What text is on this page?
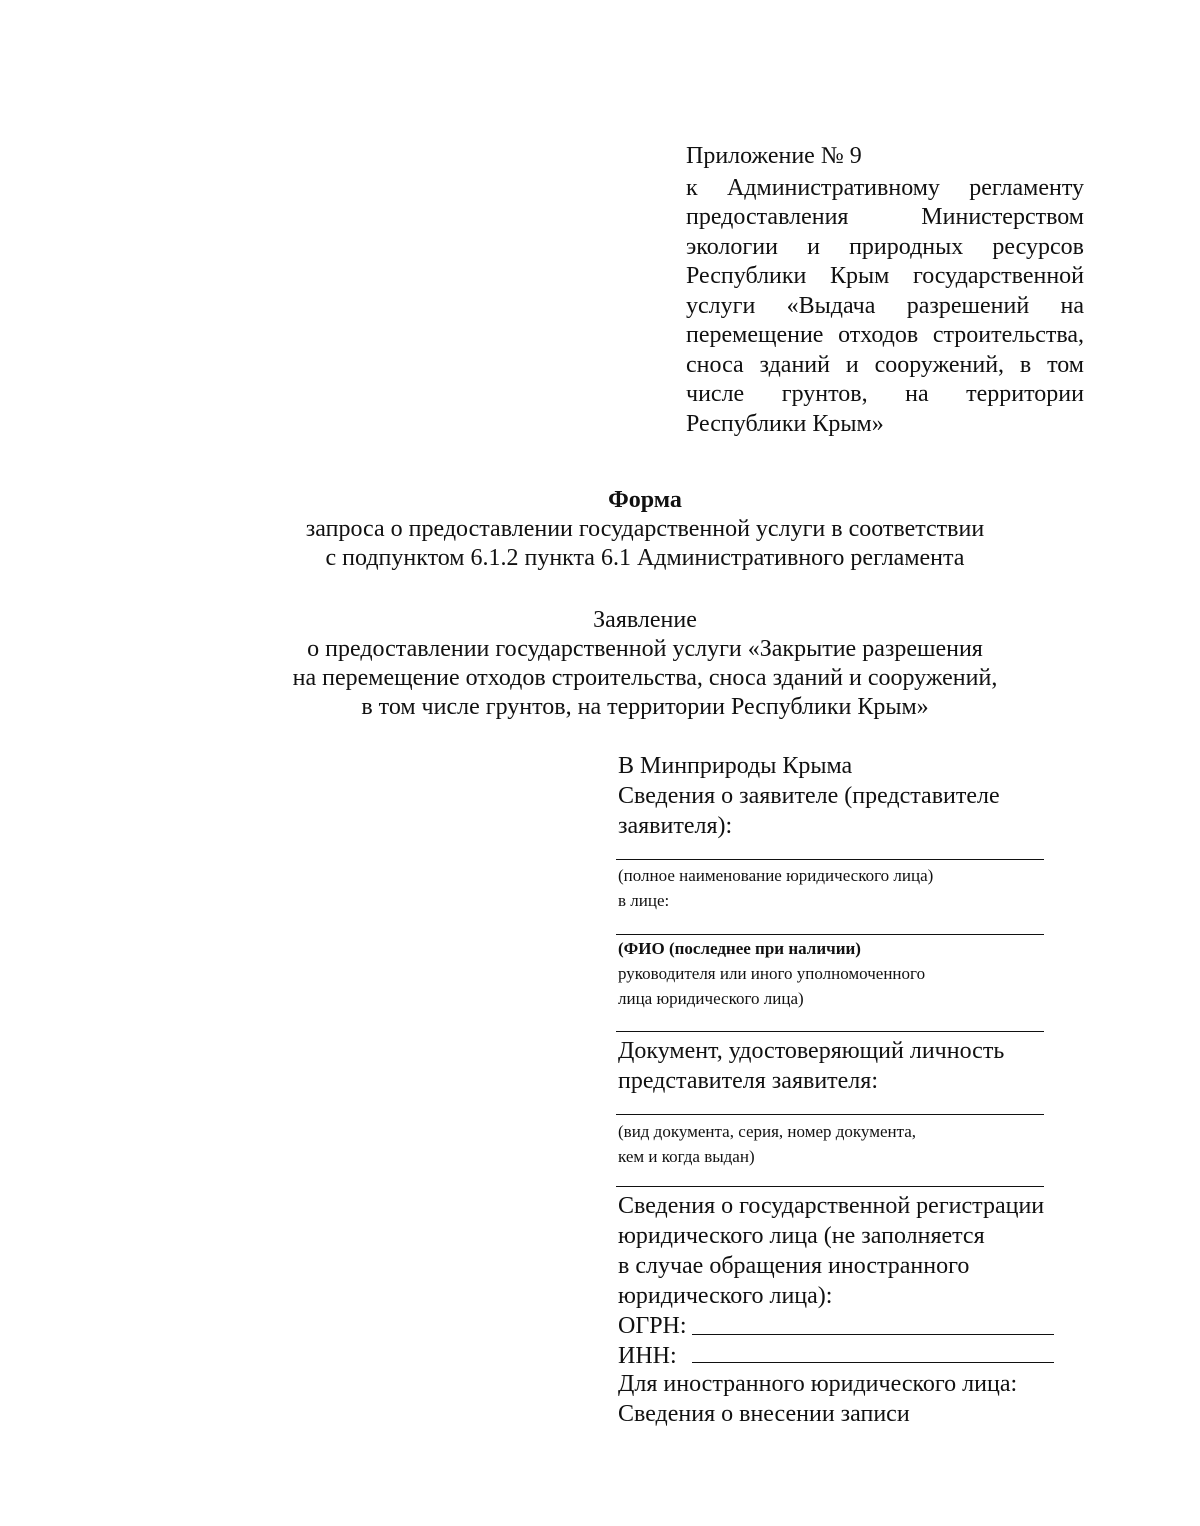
Приложение № 9
к Административному регламенту предоставления Министерством экологии и природных ресурсов Республики Крым государственной услуги «Выдача разрешений на перемещение отходов строительства, сноса зданий и сооружений, в том числе грунтов, на территории Республики Крым»
Форма
запроса о предоставлении государственной услуги в соответствии
с подпунктом 6.1.2 пункта 6.1 Административного регламента
Заявление
о предоставлении государственной услуги «Закрытие разрешения
на перемещение отходов строительства, сноса зданий и сооружений,
в том числе грунтов, на территории Республики Крым»
В Минприроды Крыма
Сведения о заявителе (представителе
заявителя):
(полное наименование юридического лица)
в лице:
(ФИО (последнее при наличии)
руководителя или иного уполномоченного
лица юридического лица)
Документ, удостоверяющий личность
представителя заявителя:
(вид документа, серия, номер документа,
кем и когда выдан)
Сведения о государственной регистрации
юридического лица (не заполняется
в случае обращения иностранного
юридического лица):
ОГРН:
ИНН:
Для иностранного юридического лица:
Сведения о внесении записи
